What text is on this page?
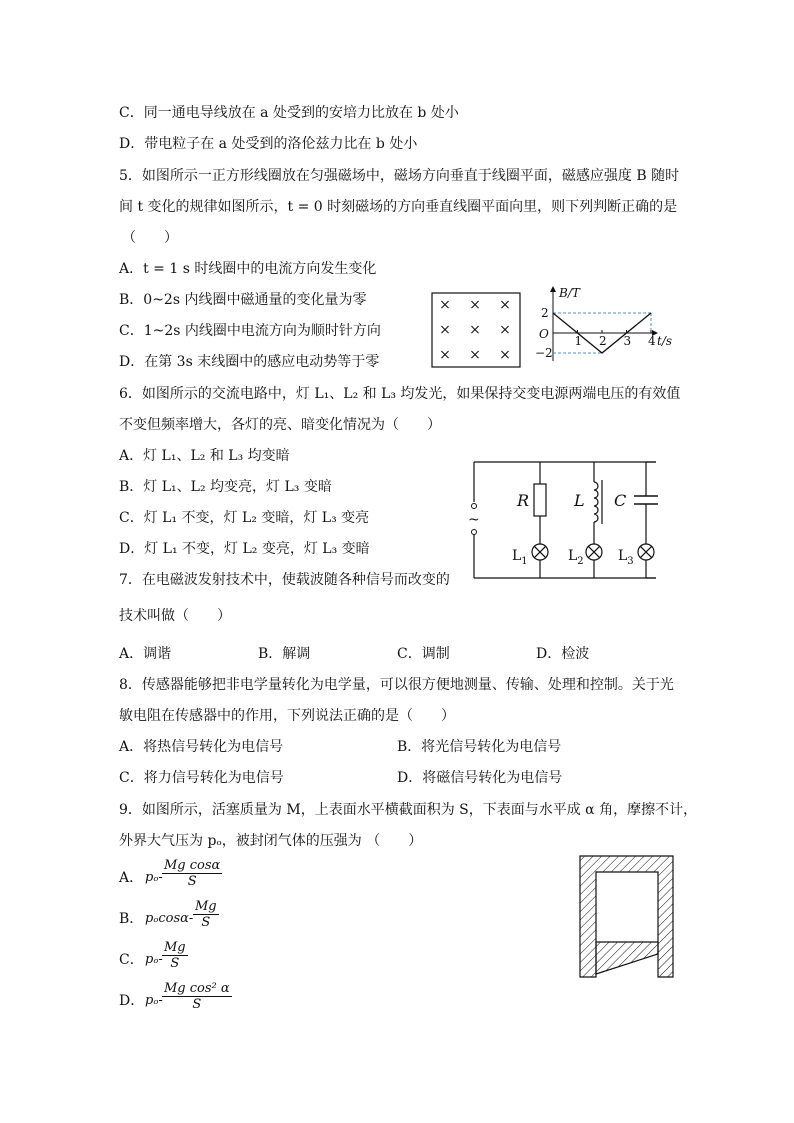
C．同一通电导线放在 a 处受到的安培力比放在 b 处小
D．带电粒子在 a 处受到的洛伦兹力比在 b 处小
5．如图所示一正方形线圈放在匀强磁场中，磁场方向垂直于线圈平面，磁感应强度 B 随时
间 t 变化的规律如图所示，t = 0 时刻磁场的方向垂直线圈平面向里，则下列判断正确的是
（　　）
A．t = 1 s 时线圈中的电流方向发生变化
B．0~2s 内线圈中磁通量的变化量为零
C．1~2s 内线圈中电流方向为顺时针方向
D．在第 3s 末线圈中的感应电动势等于零
× × ×
× × ×
×	×
×
1 2 3 4
B/T
t/s
O
2
−2
6．如图所示的交流电路中，灯 L₁、L₂ 和 L₃ 均发光，如果保持交变电源两端电压的有效值
不变但频率增大，各灯的亮、暗变化情况为（　　）
A．灯 L₁、L₂ 和 L₃ 均变暗
B．灯 L₁、L₂ 均变亮，灯 L₃ 变暗
C．灯 L₁ 不变，灯 L₂ 变暗，灯 L₃ 变亮
D．灯 L₁ 不变，灯 L₂ 变亮，灯 L₃ 变暗
~
R	L C
$L_1$	$L_2$ $L_3$
7．在电磁波发射技术中，使载波随各种信号而改变的
技术叫做（　　）
A．调谐	B．解调	C．调制	D．检波
8．传感器能够把非电学量转化为电学量，可以很方便地测量、传输、处理和控制。关于光
敏电阻在传感器中的作用，下列说法正确的是（　　）
A．将热信号转化为电信号	B．将光信号转化为电信号
C．将力信号转化为电信号	D．将磁信号转化为电信号
9．如图所示，活塞质量为 M，上表面水平横截面积为 S，下表面与水平成 α 角，摩擦不计，
外界大气压为 pₒ，被封闭气体的压强为 （　　）
A． $p_o- \frac{\text{Mg cosα}}{S}$
B． $p_o\cos\alpha- \frac{Mg}{S}$
C． $p_o- \frac{Mg}{S}$
D． $p_o- \frac{\text{Mg cos² α}}{S}$
